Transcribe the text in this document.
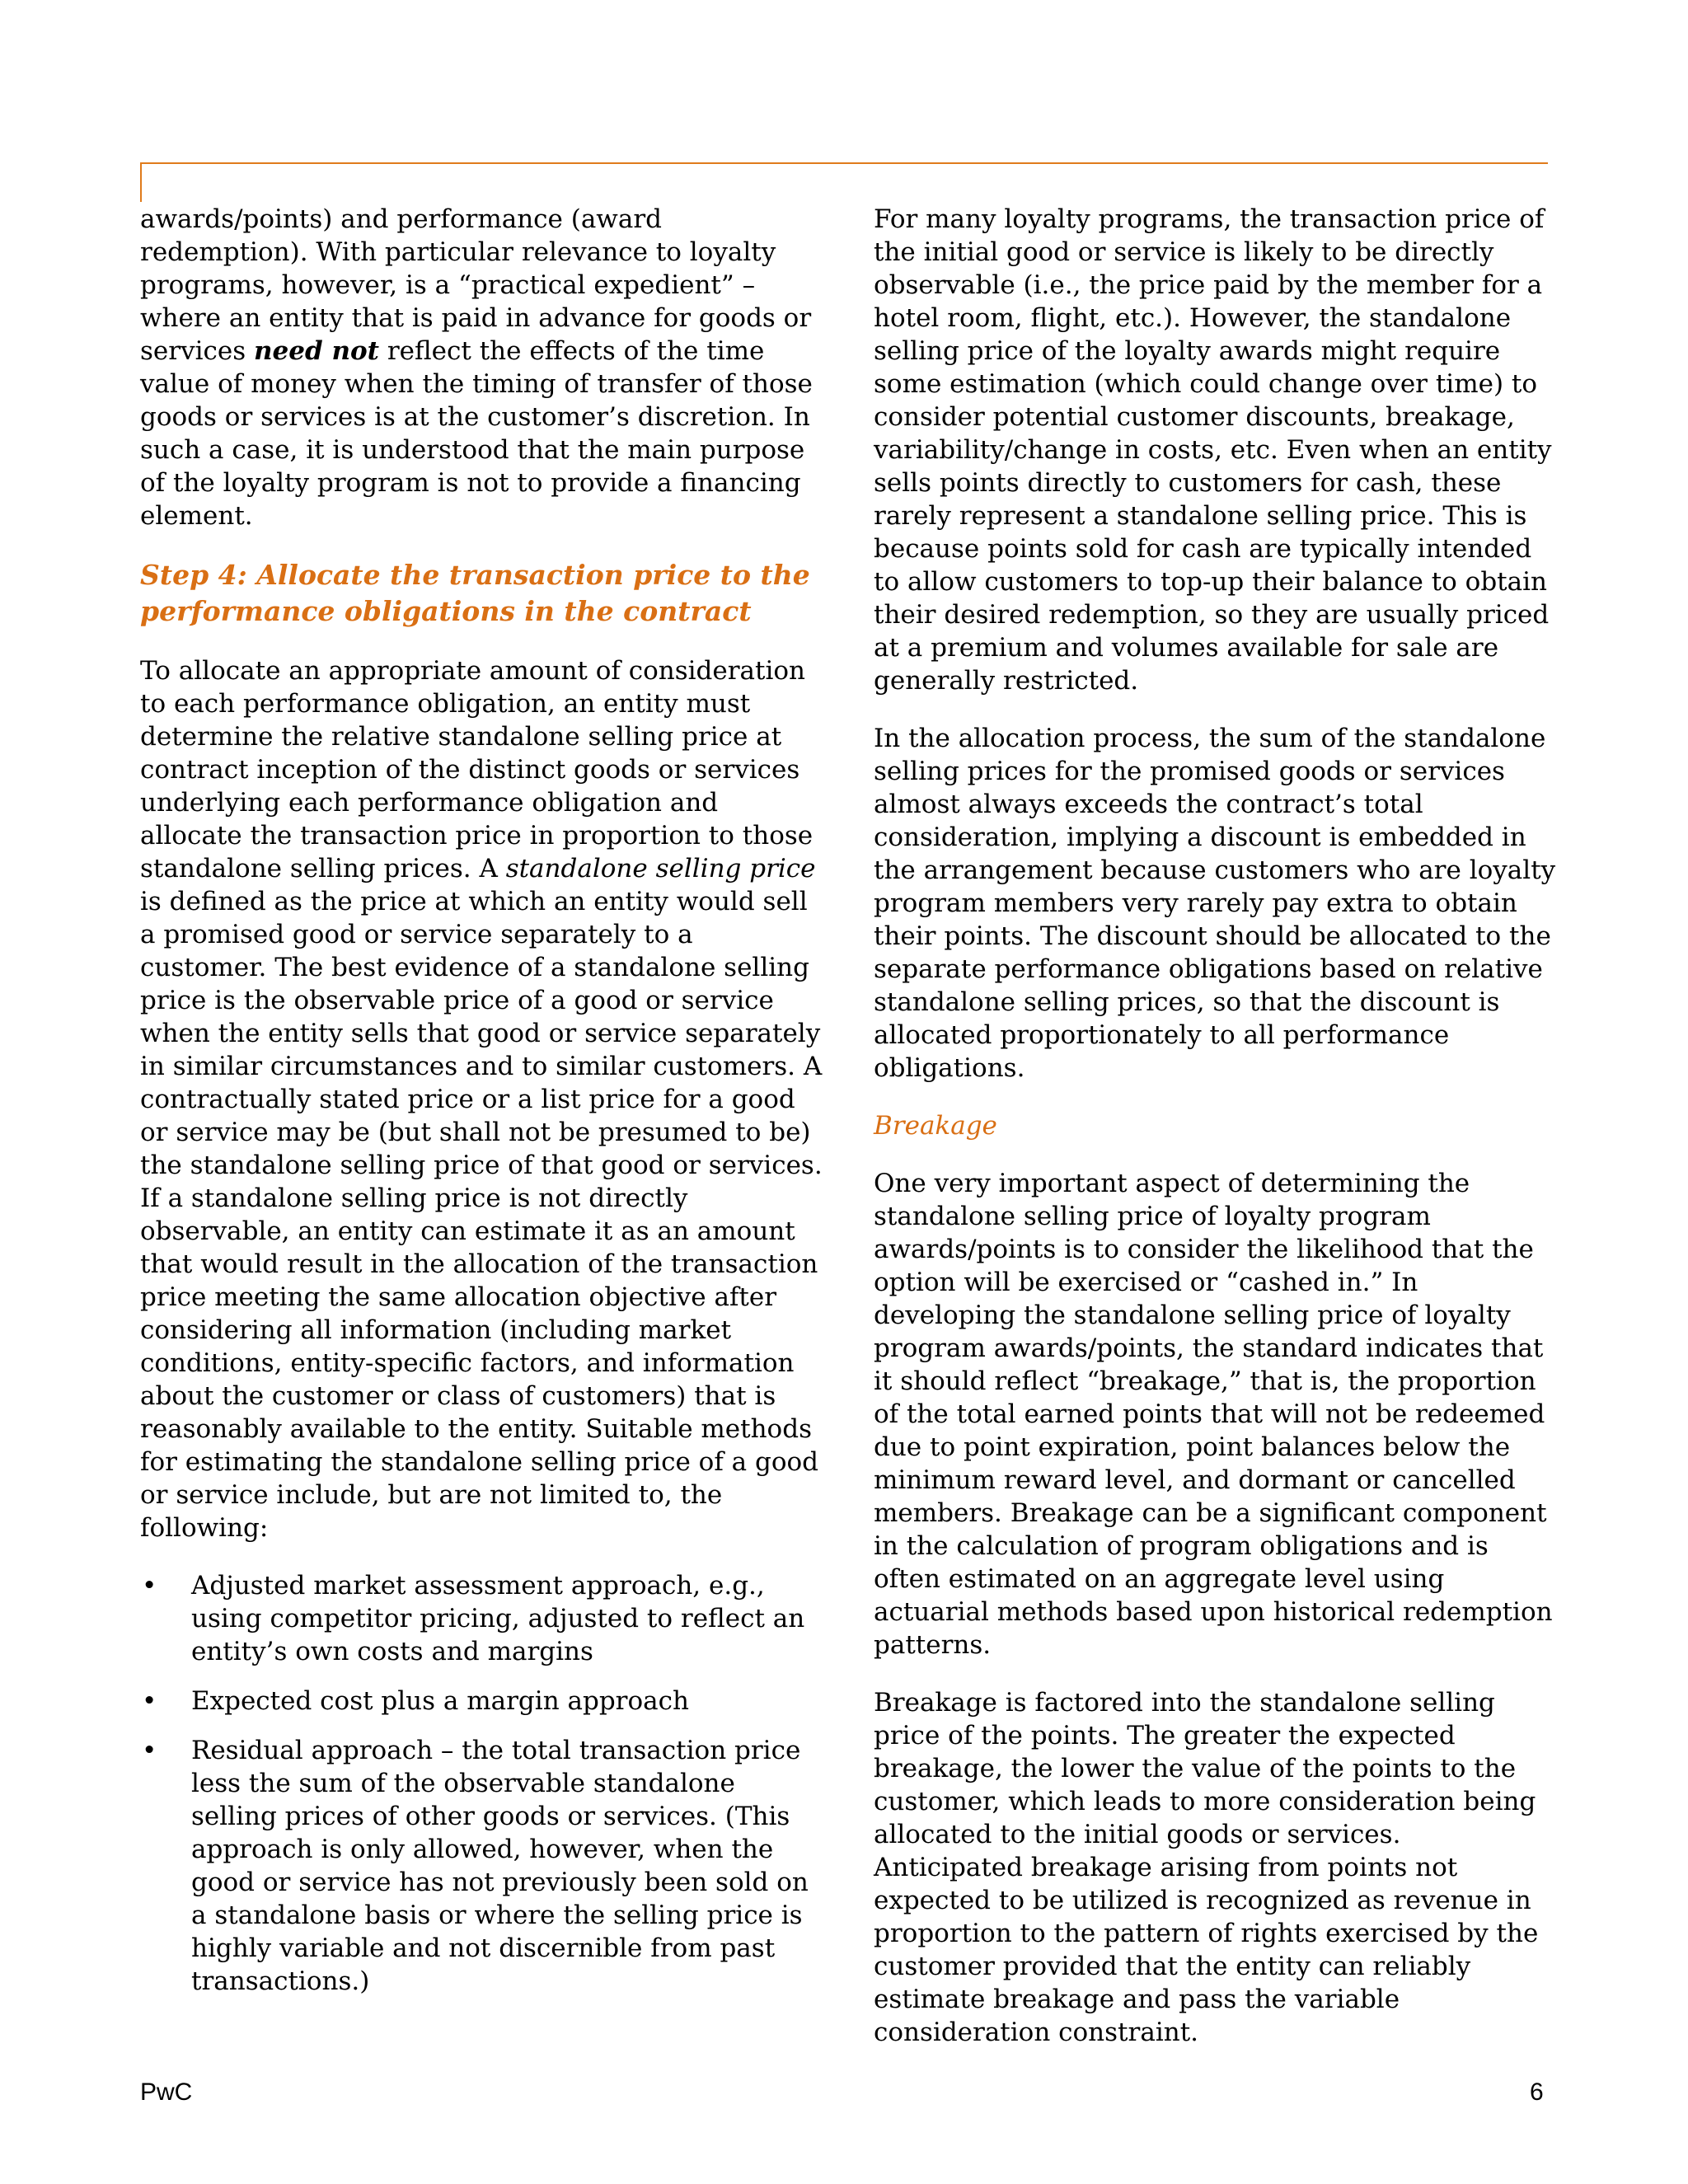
awards/points) and performance (award redemption). With particular relevance to loyalty programs, however, is a “practical expedient” – where an entity that is paid in advance for goods or services need not reflect the effects of the time value of money when the timing of transfer of those goods or services is at the customer’s discretion. In such a case, it is understood that the main purpose of the loyalty program is not to provide a financing element.

Step 4: Allocate the transaction price to the performance obligations in the contract

To allocate an appropriate amount of consideration to each performance obligation, an entity must determine the relative standalone selling price at contract inception of the distinct goods or services underlying each performance obligation and allocate the transaction price in proportion to those standalone selling prices. A standalone selling price is defined as the price at which an entity would sell a promised good or service separately to a customer. The best evidence of a standalone selling price is the observable price of a good or service when the entity sells that good or service separately in similar circumstances and to similar customers. A contractually stated price or a list price for a good or service may be (but shall not be presumed to be) the standalone selling price of that good or services. If a standalone selling price is not directly observable, an entity can estimate it as an amount that would result in the allocation of the transaction price meeting the same allocation objective after considering all information (including market conditions, entity-specific factors, and information about the customer or class of customers) that is reasonably available to the entity. Suitable methods for estimating the standalone selling price of a good or service include, but are not limited to, the following:

• Adjusted market assessment approach, e.g., using competitor pricing, adjusted to reflect an entity’s own costs and margins
• Expected cost plus a margin approach
• Residual approach – the total transaction price less the sum of the observable standalone selling prices of other goods or services. (This approach is only allowed, however, when the good or service has not previously been sold on a standalone basis or where the selling price is highly variable and not discernible from past transactions.)

For many loyalty programs, the transaction price of the initial good or service is likely to be directly observable (i.e., the price paid by the member for a hotel room, flight, etc.). However, the standalone selling price of the loyalty awards might require some estimation (which could change over time) to consider potential customer discounts, breakage, variability/change in costs, etc. Even when an entity sells points directly to customers for cash, these rarely represent a standalone selling price. This is because points sold for cash are typically intended to allow customers to top-up their balance to obtain their desired redemption, so they are usually priced at a premium and volumes available for sale are generally restricted.

In the allocation process, the sum of the standalone selling prices for the promised goods or services almost always exceeds the contract’s total consideration, implying a discount is embedded in the arrangement because customers who are loyalty program members very rarely pay extra to obtain their points. The discount should be allocated to the separate performance obligations based on relative standalone selling prices, so that the discount is allocated proportionately to all performance obligations.

Breakage

One very important aspect of determining the standalone selling price of loyalty program awards/points is to consider the likelihood that the option will be exercised or “cashed in.” In developing the standalone selling price of loyalty program awards/points, the standard indicates that it should reflect “breakage,” that is, the proportion of the total earned points that will not be redeemed due to point expiration, point balances below the minimum reward level, and dormant or cancelled members. Breakage can be a significant component in the calculation of program obligations and is often estimated on an aggregate level using actuarial methods based upon historical redemption patterns.

Breakage is factored into the standalone selling price of the points. The greater the expected breakage, the lower the value of the points to the customer, which leads to more consideration being allocated to the initial goods or services. Anticipated breakage arising from points not expected to be utilized is recognized as revenue in proportion to the pattern of rights exercised by the customer provided that the entity can reliably estimate breakage and pass the variable consideration constraint.

PwC	6
